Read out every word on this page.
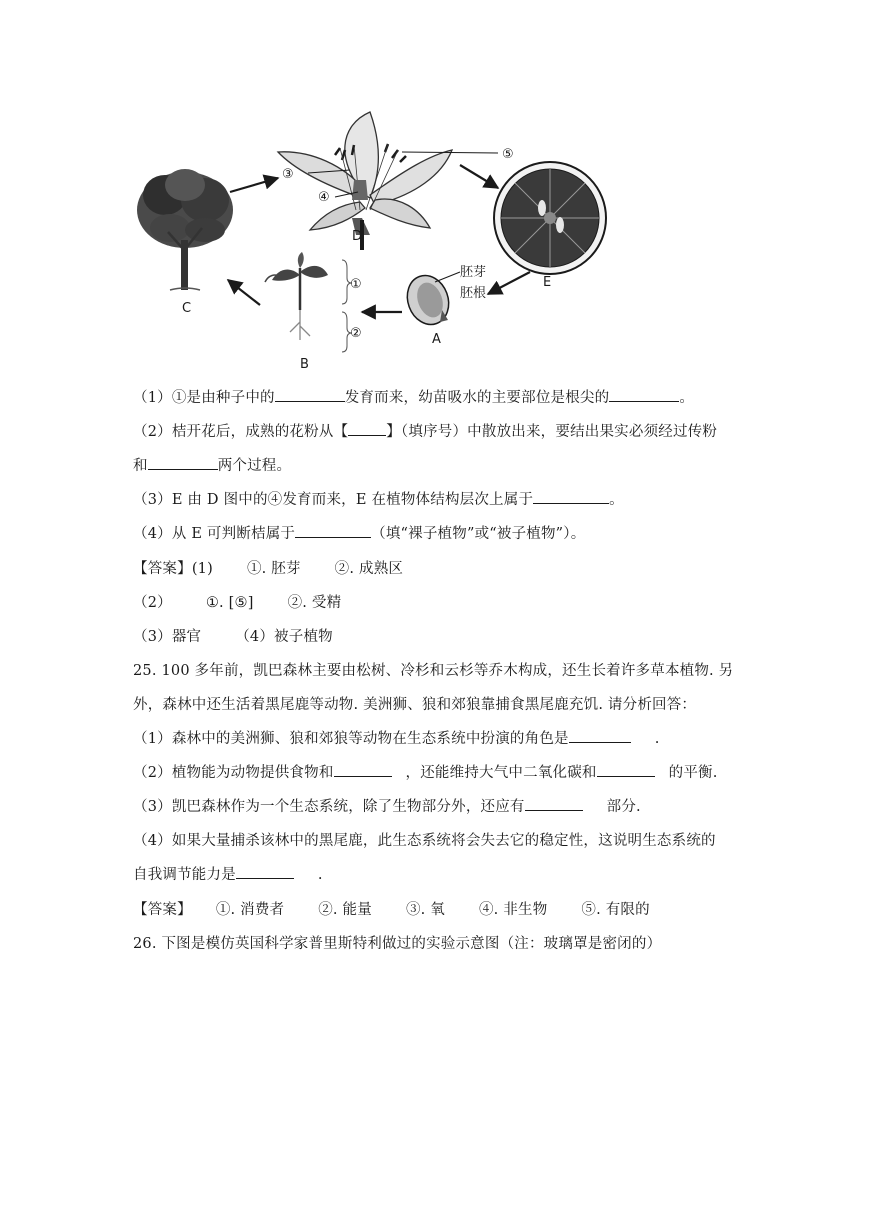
C
③
④
⑤
D
E
胚芽
胚根
A
①
②
B
（1）①是由种子中的	发育而来，幼苗吸水的主要部位是根尖的	。
（2）桔开花后，成熟的花粉从【	】（填序号）中散放出来，要结出果实必须经过传粉
和	两个过程。
（3）E 由 D 图中的④发育而来，E 在植物体结构层次上属于	。
（4）从 E 可判断桔属于	（填“裸子植物”或“被子植物”）。
【答案】(1) ①. 胚芽 ②. 成熟区
（2） ①. [⑤] ②. 受精
（3）器官 （4）被子植物
25. 100 多年前，凯巴森林主要由松树、冷杉和云杉等乔木构成，还生长着许多草本植物. 另
外，森林中还生活着黑尾鹿等动物. 美洲狮、狼和郊狼靠捕食黑尾鹿充饥. 请分析回答：
（1）森林中的美洲狮、狼和郊狼等动物在生态系统中扮演的角色是	.
（2）植物能为动物提供食物和	，还能维持大气中二氧化碳和	的平衡.
（3）凯巴森林作为一个生态系统，除了生物部分外，还应有	部分.
（4）如果大量捕杀该林中的黑尾鹿，此生态系统将会失去它的稳定性，这说明生态系统的
自我调节能力是	.
【答案】 ①. 消费者 ②. 能量 ③. 氧 ④. 非生物 ⑤. 有限的
26. 下图是模仿英国科学家普里斯特利做过的实验示意图（注：玻璃罩是密闭的）
